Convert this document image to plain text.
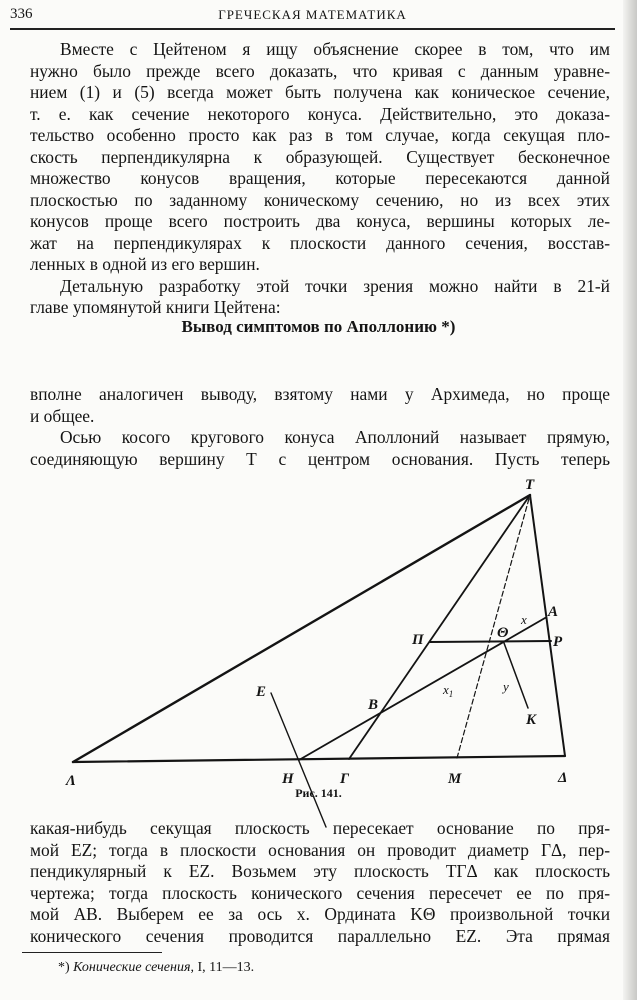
336	ГРЕЧЕСКАЯ МАТЕМАТИКА
Вместе с Цейтеном я ищу объяснение скорее в том, что им
нужно было прежде всего доказать, что кривая с данным уравне-
нием (1) и (5) всегда может быть получена как коническое сечение,
т. е. как сечение некоторого конуса. Действительно, это доказа-
тельство особенно просто как раз в том случае, когда секущая пло-
скость перпендикулярна к образующей. Существует бесконечное
множество конусов вращения, которые пересекаются данной
плоскостью по заданному коническому сечению, но из всех этих
конусов проще всего построить два конуса, вершины которых ле-
жат на перпендикулярах к плоскости данного сечения, восстав-
ленных в одной из его вершин.
Детальную разработку этой точки зрения можно найти в 21-й
главе упомянутой книги Цейтена:
Вывод симптомов по Аполлонию *)
вполне аналогичен выводу, взятому нами у Архимеда, но проще
и общее.
Осью косого кругового конуса Аполлоний называет прямую,
соединяющую вершину Т с центром основания. Пусть теперь
T
A
P
Π	Θ
x
$x_1$	y
K
E
B
Λ	H	Γ	M	Δ
Рис. 141.
какая-нибудь секущая плоскость пересекает основание по пря-
мой EZ; тогда в плоскости основания он проводит диаметр ГΔ, пер-
пендикулярный к EZ. Возьмем эту плоскость ТГΔ как плоскость
чертежа; тогда плоскость конического сечения пересечет ее по пря-
мой AB. Выберем ее за ось x. Ордината KΘ произвольной точки
конического сечения проводится параллельно EZ. Эта прямая
*) Конические сечения, I, 11—13.
